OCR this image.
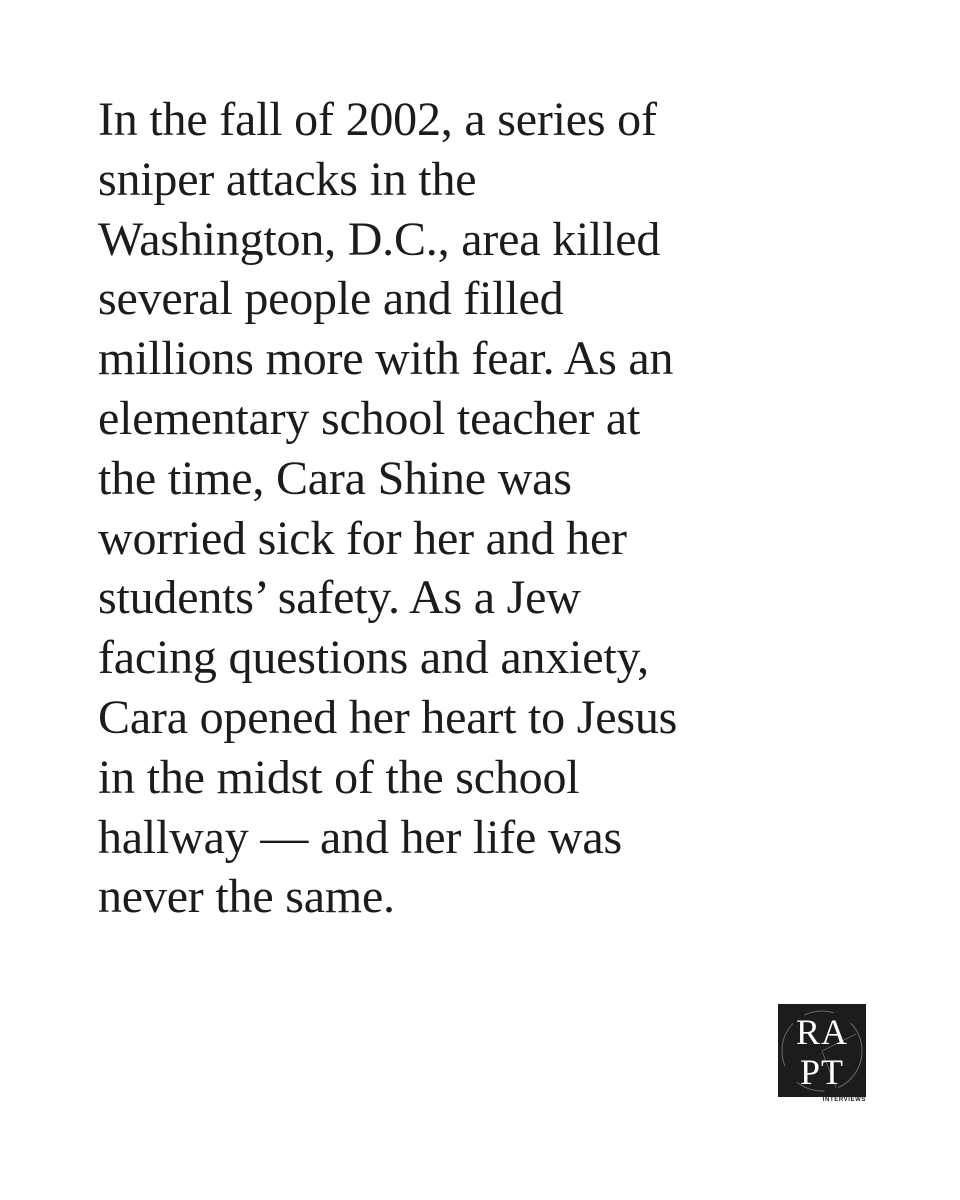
In the fall of 2002, a series of
sniper attacks in the
Washington, D.C., area killed
several people and filled
millions more with fear. As an
elementary school teacher at
the time, Cara Shine was
worried sick for her and her
students’ safety. As a Jew
facing questions and anxiety,
Cara opened her heart to Jesus
in the midst of the school
hallway — and her life was
never the same.

RA
PT
INTERVIEWS
